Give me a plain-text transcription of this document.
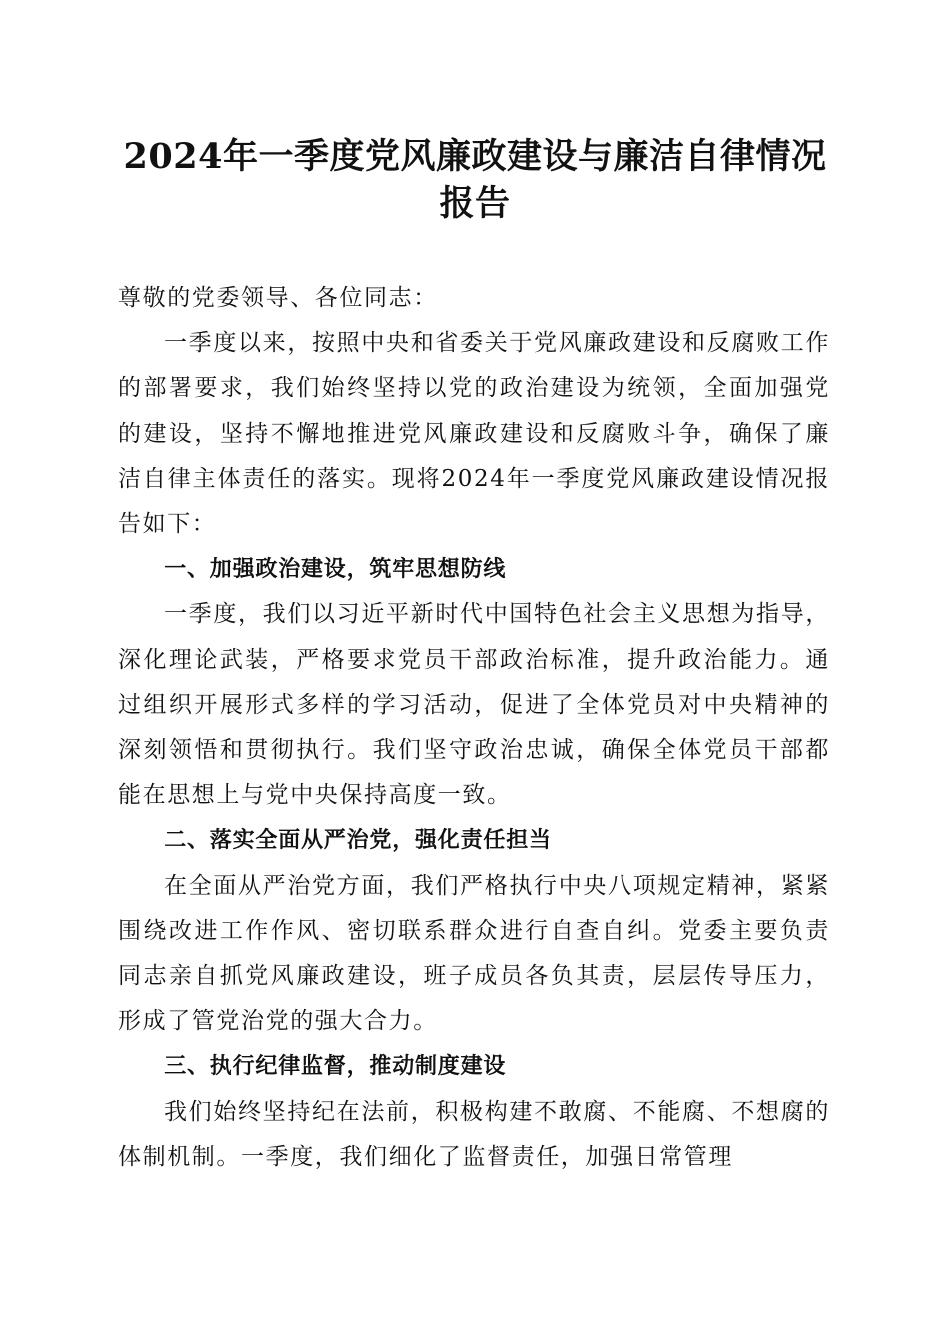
2024年一季度党风廉政建设与廉洁自律情况
报告

尊敬的党委领导、各位同志：

一季度以来，按照中央和省委关于党风廉政建设和反腐败工作的部署要求，我们始终坚持以党的政治建设为统领，全面加强党的建设，坚持不懈地推进党风廉政建设和反腐败斗争，确保了廉洁自律主体责任的落实。现将2024年一季度党风廉政建设情况报告如下：

一、加强政治建设，筑牢思想防线

一季度，我们以习近平新时代中国特色社会主义思想为指导，深化理论武装，严格要求党员干部政治标准，提升政治能力。通过组织开展形式多样的学习活动，促进了全体党员对中央精神的深刻领悟和贯彻执行。我们坚守政治忠诚，确保全体党员干部都能在思想上与党中央保持高度一致。

二、落实全面从严治党，强化责任担当

在全面从严治党方面，我们严格执行中央八项规定精神，紧紧围绕改进工作作风、密切联系群众进行自查自纠。党委主要负责同志亲自抓党风廉政建设，班子成员各负其责，层层传导压力，形成了管党治党的强大合力。

三、执行纪律监督，推动制度建设

我们始终坚持纪在法前，积极构建不敢腐、不能腐、不想腐的体制机制。一季度，我们细化了监督责任，加强日常管理
